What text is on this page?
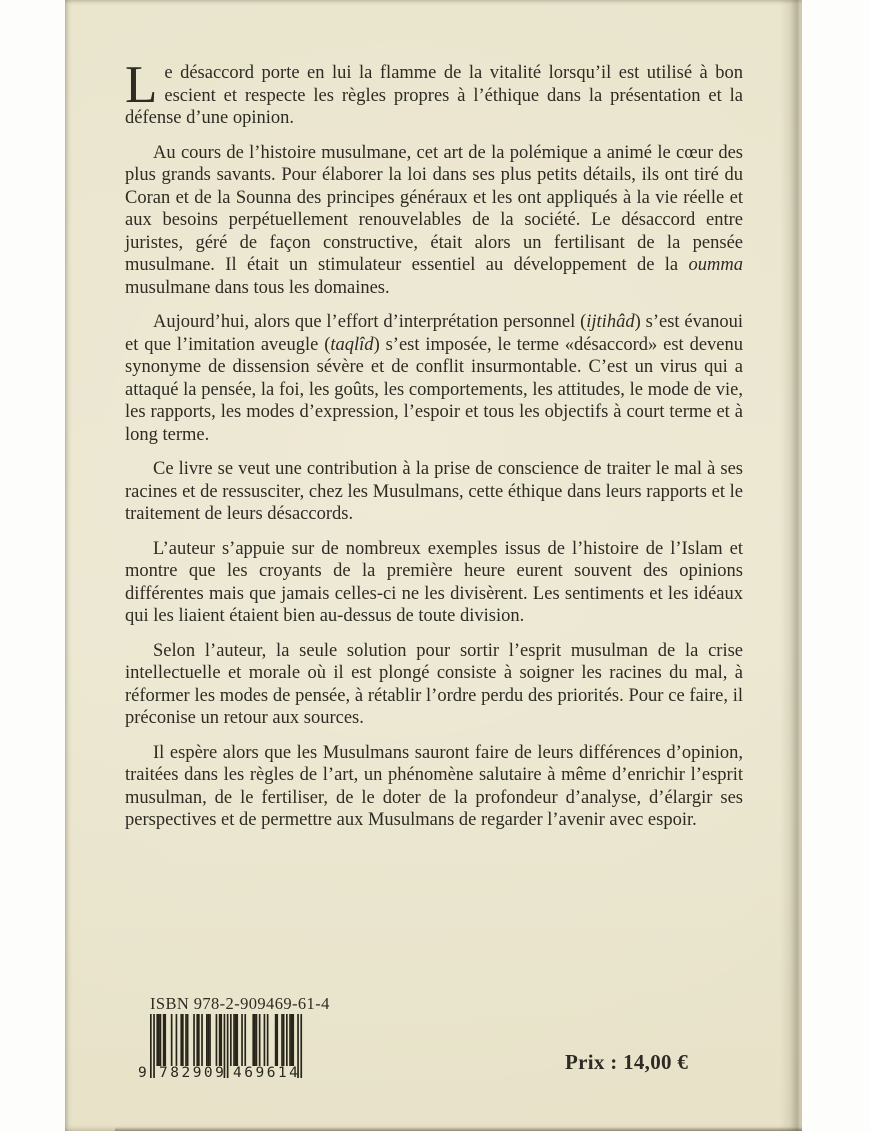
Le désaccord porte en lui la flamme de la vitalité lorsqu’il est utilisé à bon escient et respecte les règles propres à l’éthique dans la présentation et la défense d’une opinion.

Au cours de l’histoire musulmane, cet art de la polémique a animé le cœur des plus grands savants. Pour élaborer la loi dans ses plus petits détails, ils ont tiré du Coran et de la Sounna des principes généraux et les ont appliqués à la vie réelle et aux besoins perpétuellement renouvelables de la société. Le désaccord entre juristes, géré de façon constructive, était alors un fertilisant de la pensée musulmane. Il était un stimulateur essentiel au développement de la oumma musulmane dans tous les domaines.

Aujourd’hui, alors que l’effort d’interprétation personnel (ijtihâd) s’est évanoui et que l’imitation aveugle (taqlîd) s’est imposée, le terme «désaccord» est devenu synonyme de dissension sévère et de conflit insurmontable. C’est un virus qui a attaqué la pensée, la foi, les goûts, les comportements, les attitudes, le mode de vie, les rapports, les modes d’expression, l’espoir et tous les objectifs à court terme et à long terme.

Ce livre se veut une contribution à la prise de conscience de traiter le mal à ses racines et de ressusciter, chez les Musulmans, cette éthique dans leurs rapports et le traitement de leurs désaccords.

L’auteur s’appuie sur de nombreux exemples issus de l’histoire de l’Islam et montre que les croyants de la première heure eurent souvent des opinions différentes mais que jamais celles-ci ne les divisèrent. Les sentiments et les idéaux qui les liaient étaient bien au-dessus de toute division.

Selon l’auteur, la seule solution pour sortir l’esprit musulman de la crise intellectuelle et morale où il est plongé consiste à soigner les racines du mal, à réformer les modes de pensée, à rétablir l’ordre perdu des priorités. Pour ce faire, il préconise un retour aux sources.

Il espère alors que les Musulmans sauront faire de leurs différences d’opinion, traitées dans les règles de l’art, un phénomène salutaire à même d’enrichir l’esprit musulman, de le fertiliser, de le doter de la profondeur d’analyse, d’élargir ses perspectives et de permettre aux Musulmans de regarder l’avenir avec espoir.

ISBN 978-2-909469-61-4
9 782909 469614	Prix : 14,00 €
